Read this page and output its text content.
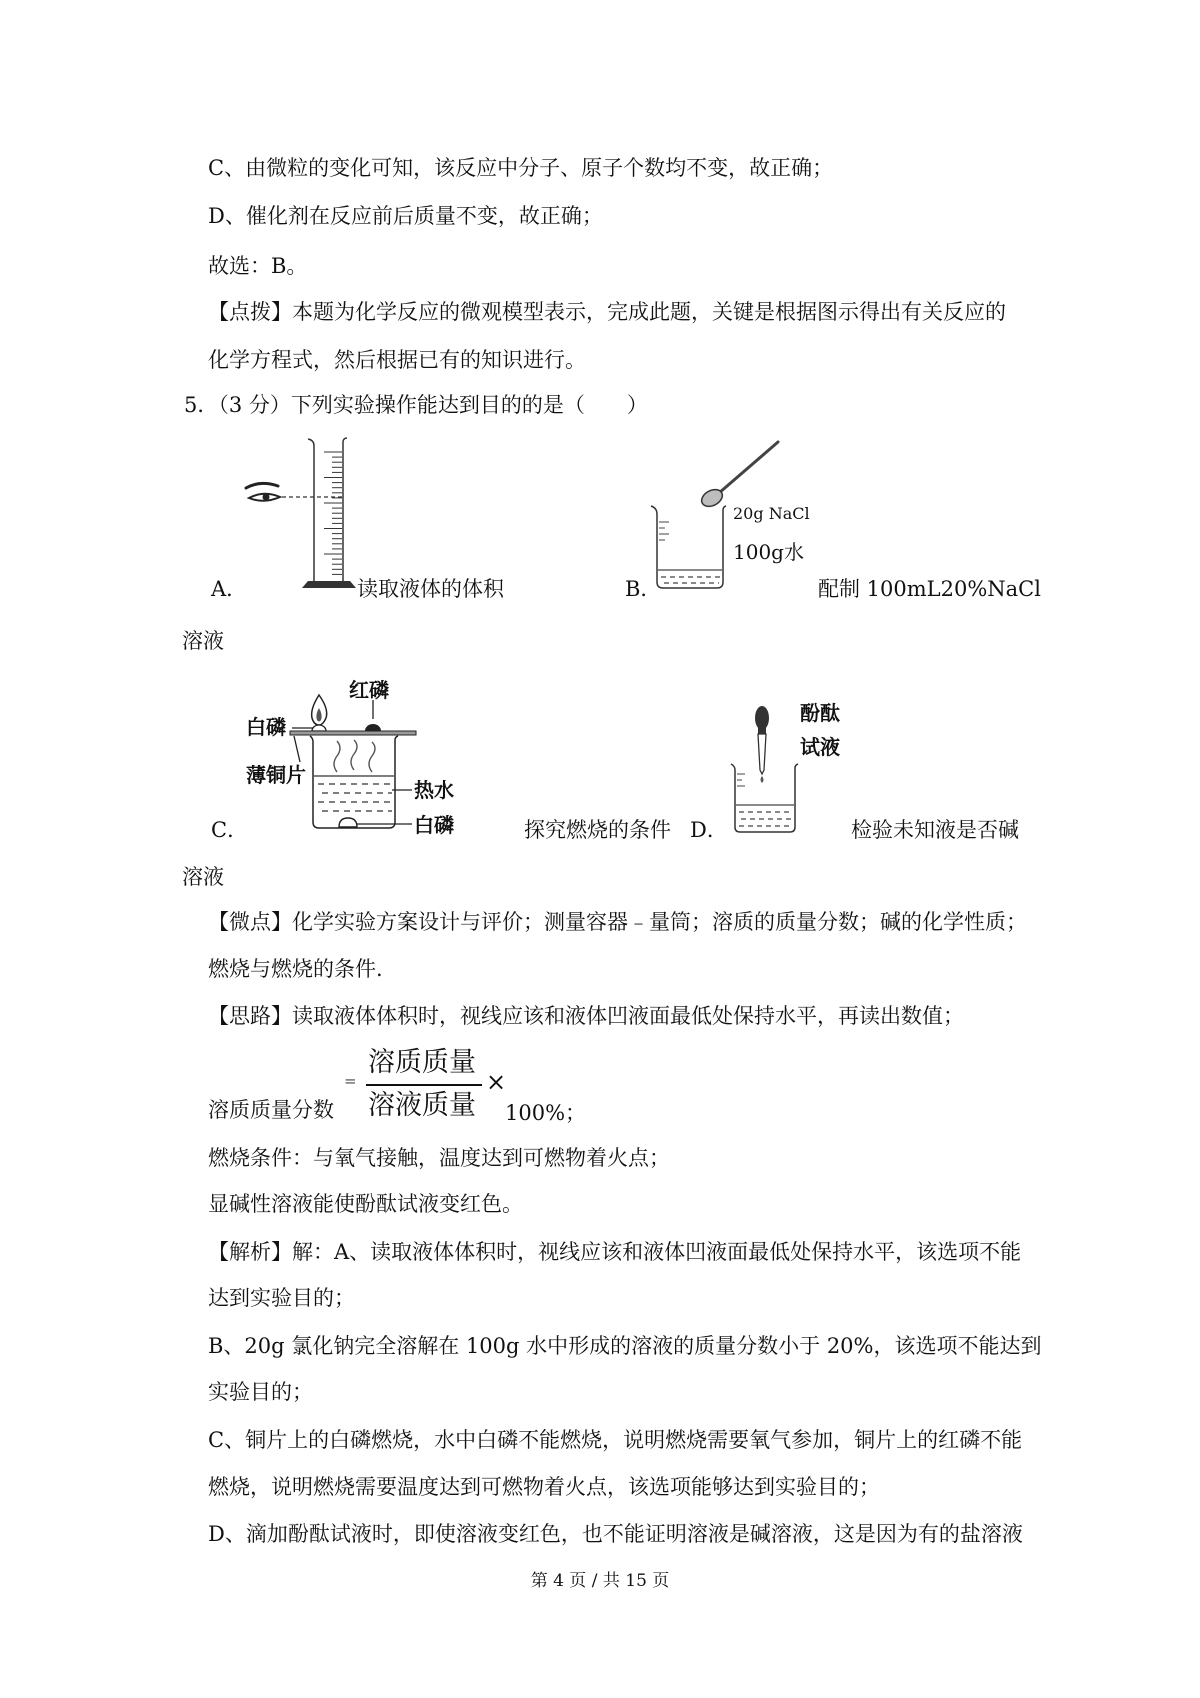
C、由微粒的变化可知，该反应中分子、原子个数均不变，故正确；
D、催化剂在反应前后质量不变，故正确；
故选：B。
【点拨】本题为化学反应的微观模型表示，完成此题，关键是根据图示得出有关反应的
化学方程式，然后根据已有的知识进行。
5．（3 分）下列实验操作能达到目的的是（　　）
A．	读取液体的体积	B．
20g NaCl
100g水
配制 100mL20%NaCl
溶液
C．
红磷
白磷
薄铜片
热水
白磷	探究燃烧的条件 D．
酚酞
试液
检验未知液是否碱
溶液
【微点】化学实验方案设计与评价；测量容器﹣量筒；溶质的质量分数；碱的化学性质；
燃烧与燃烧的条件.
【思路】读取液体体积时，视线应该和液体凹液面最低处保持水平，再读出数值；
溶质质量分数
=
溶质质量
溶液质量
×
100%；
燃烧条件：与氧气接触，温度达到可燃物着火点；
显碱性溶液能使酚酞试液变红色。
【解析】解：A、读取液体体积时，视线应该和液体凹液面最低处保持水平，该选项不能
达到实验目的；
B、20g 氯化钠完全溶解在 100g 水中形成的溶液的质量分数小于 20%，该选项不能达到
实验目的；
C、铜片上的白磷燃烧，水中白磷不能燃烧，说明燃烧需要氧气参加，铜片上的红磷不能
燃烧，说明燃烧需要温度达到可燃物着火点，该选项能够达到实验目的；
D、滴加酚酞试液时，即使溶液变红色，也不能证明溶液是碱溶液，这是因为有的盐溶液
第 4 页 / 共 15 页
